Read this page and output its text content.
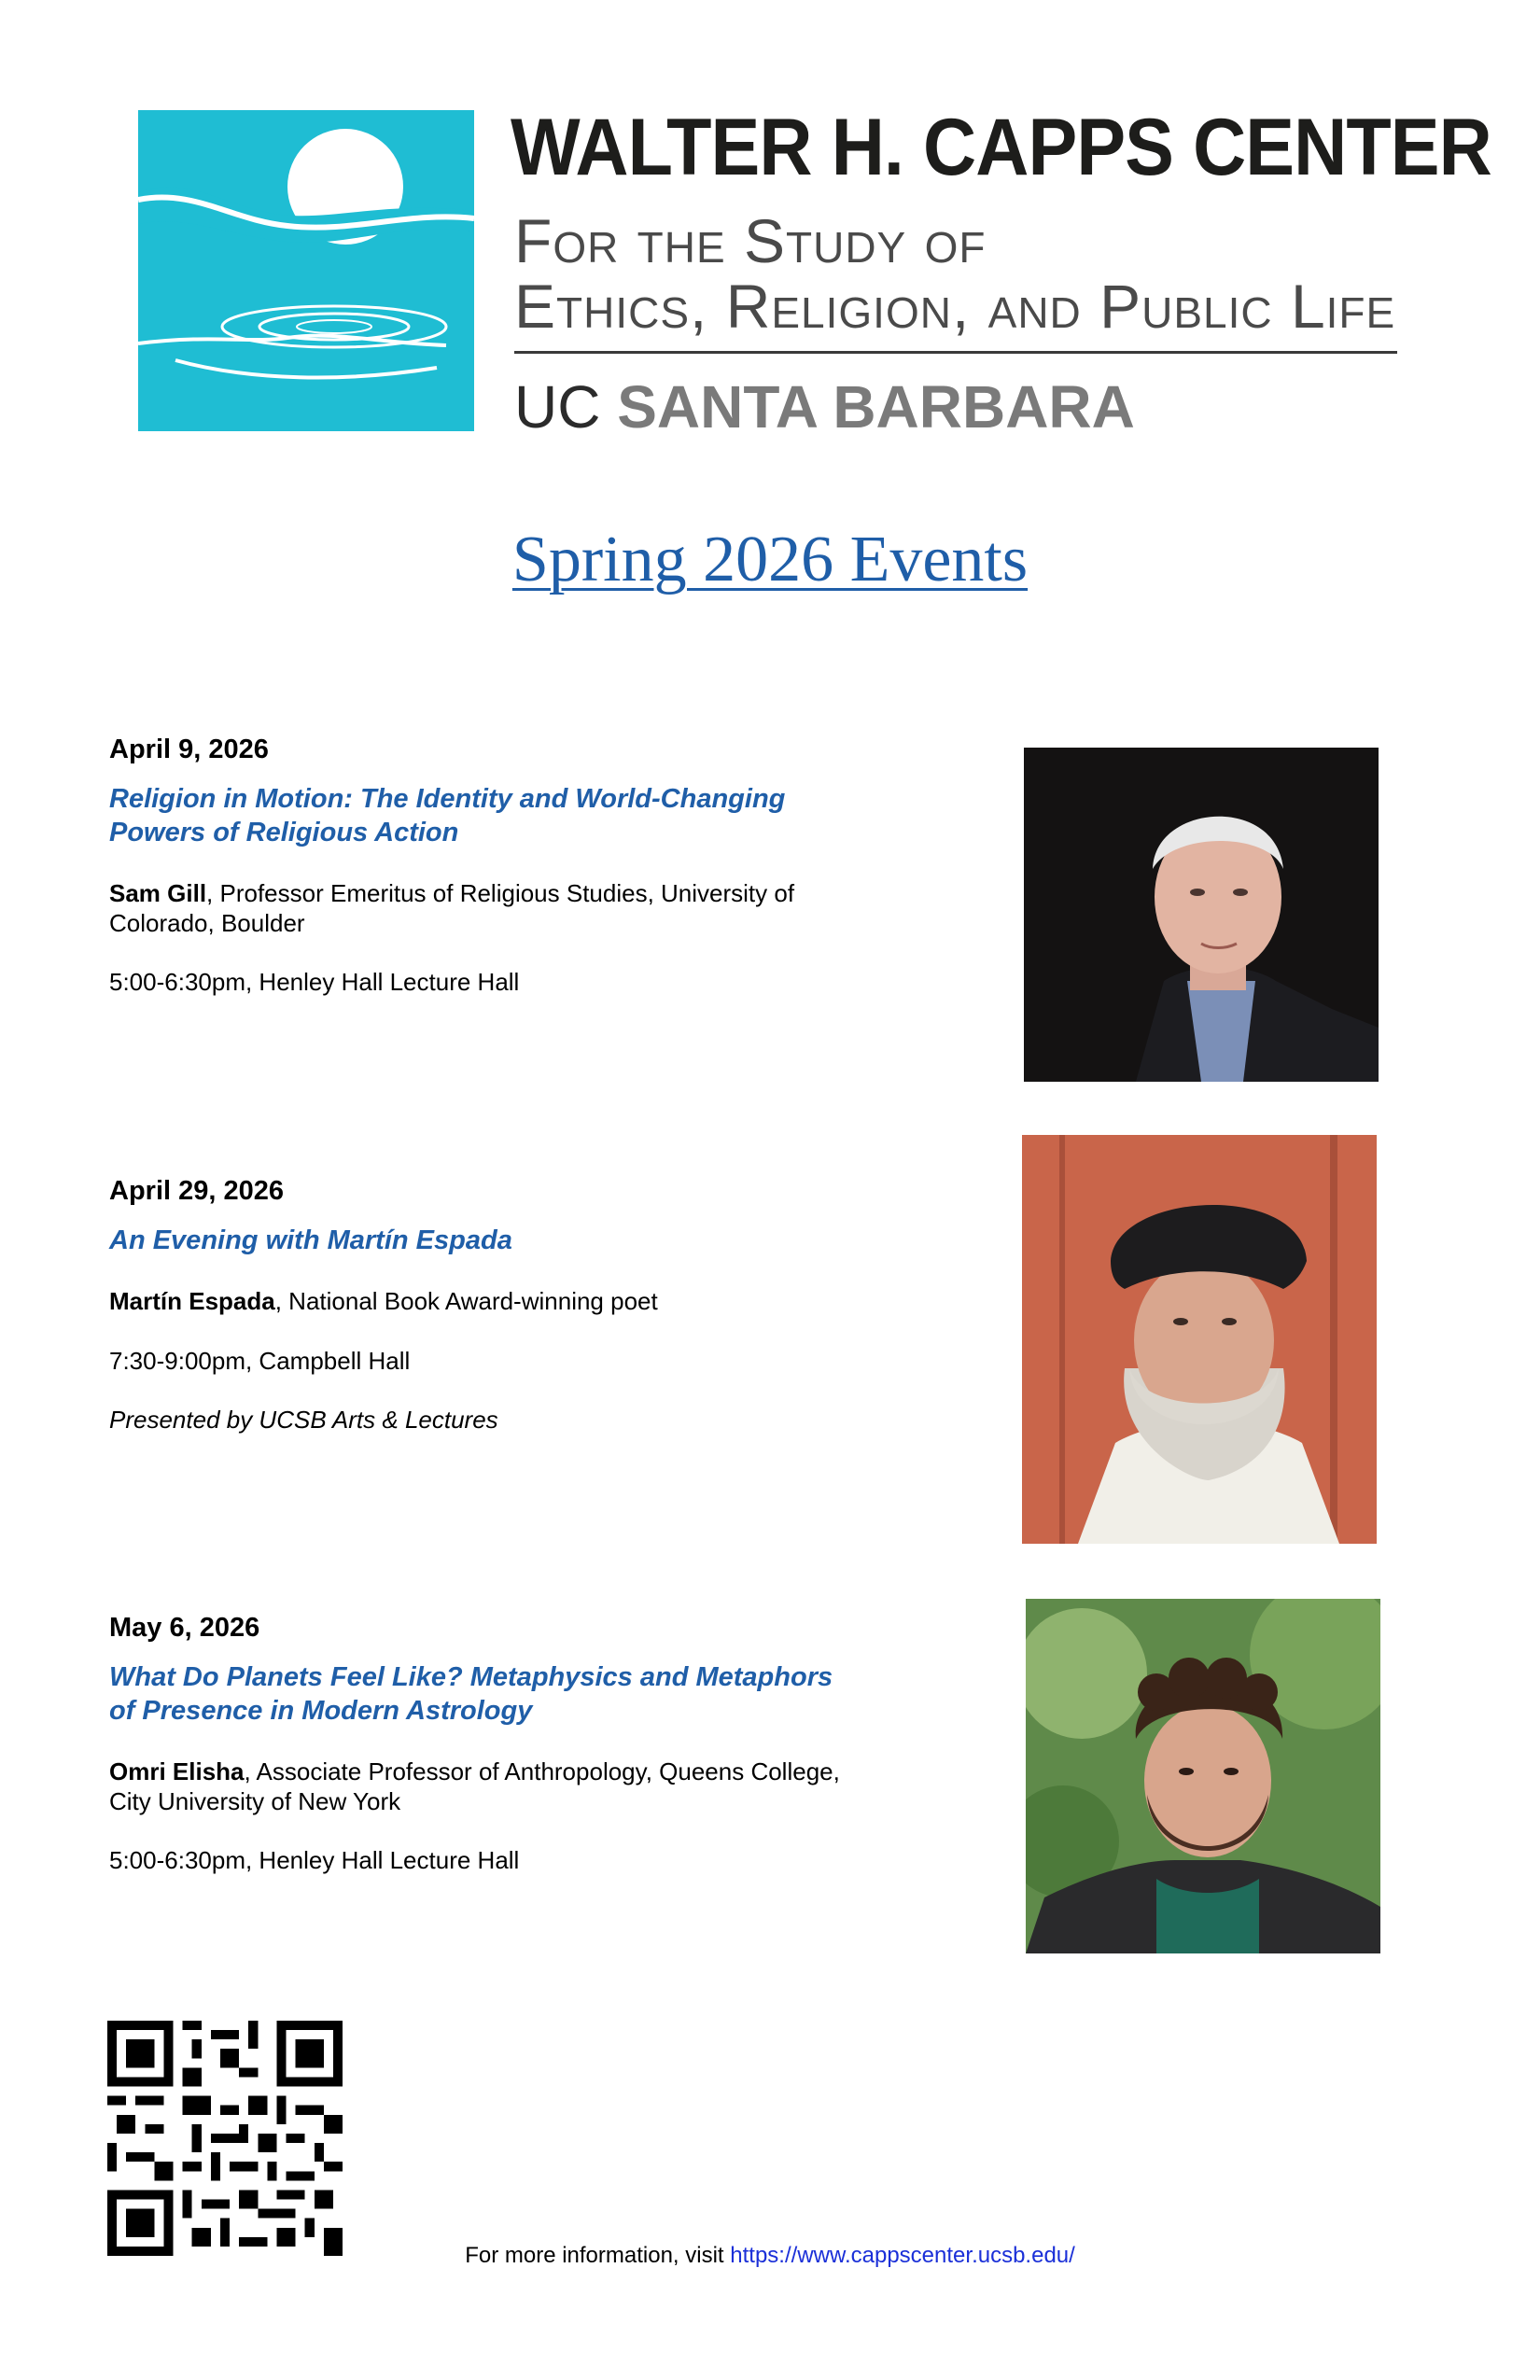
WALTER H. CAPPS CENTER
For the Study of
Ethics, Religion, and Public Life
UC SANTA BARBARA
Spring 2026 Events
April 9, 2026
Religion in Motion: The Identity and World-Changing
Powers of Religious Action
Sam Gill, Professor Emeritus of Religious Studies, University of
Colorado, Boulder
5:00-6:30pm, Henley Hall Lecture Hall
April 29, 2026
An Evening with Martín Espada
Martín Espada, National Book Award-winning poet
7:30-9:00pm, Campbell Hall
Presented by UCSB Arts & Lectures
May 6, 2026
What Do Planets Feel Like? Metaphysics and Metaphors
of Presence in Modern Astrology
Omri Elisha, Associate Professor of Anthropology, Queens College,
City University of New York
5:00-6:30pm, Henley Hall Lecture Hall
For more information, visit https://www.cappscenter.ucsb.edu/
